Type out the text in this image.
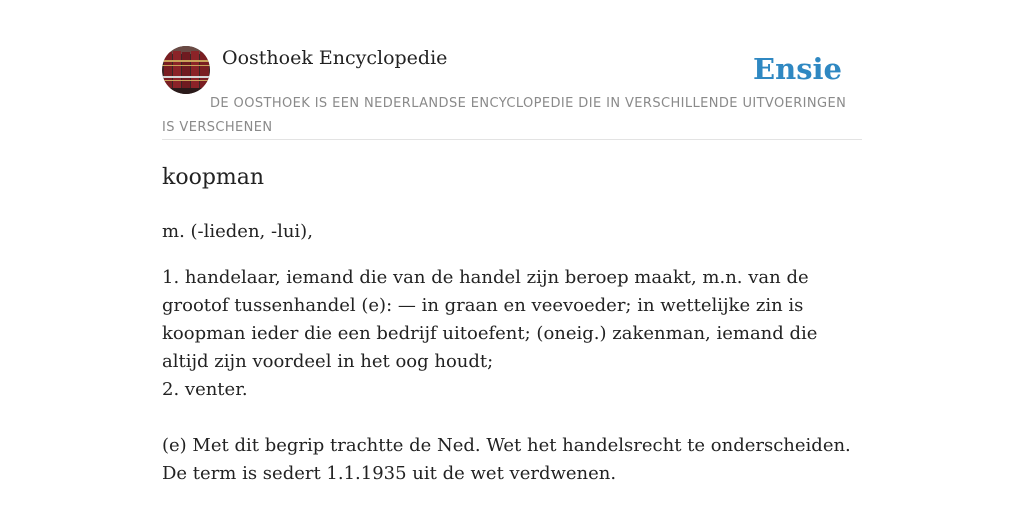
Oosthoek Encyclopedie	Ensie

DE OOSTHOEK IS EEN NEDERLANDSE ENCYCLOPEDIE DIE IN VERSCHILLENDE UITVOERINGEN IS VERSCHENEN

koopman

m. (-lieden, -lui),

1. handelaar, iemand die van de handel zijn beroep maakt, m.n. van de grootof tussenhandel (e): — in graan en veevoeder; in wettelijke zin is koopman ieder die een bedrijf uitoefent; (oneig.) zakenman, iemand die altijd zijn voordeel in het oog houdt;
2. venter.

(e) Met dit begrip trachtte de Ned. Wet het handelsrecht te onderscheiden. De term is sedert 1.1.1935 uit de wet verdwenen.
